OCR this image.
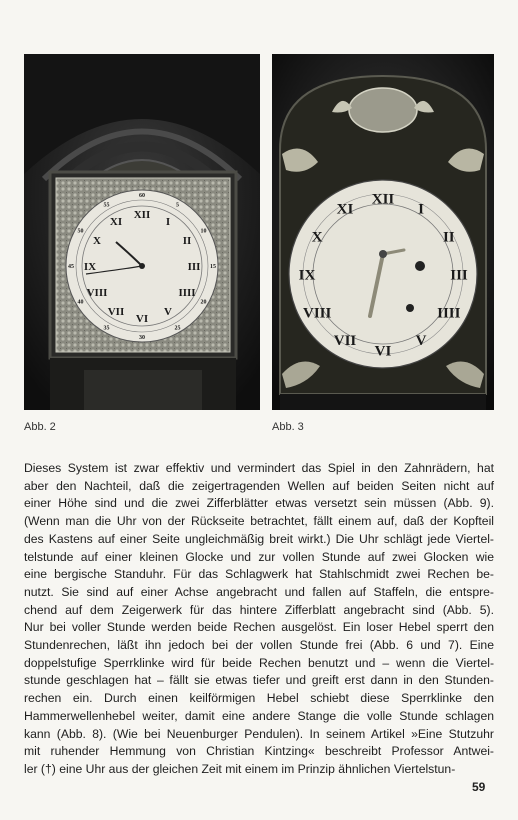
XII
I
II
III
IIII
V
VI
VII
VIII
IX
X
XI
60
5
10
15
20
25
30
35
40
45
50
55	XII
I
II
III
IIII
V
VI
VII
VIII
IX
X
XI
Abb. 2	Abb. 3
Dieses System ist zwar effektiv und vermindert das Spiel in den Zahnrädern, hat
aber den Nachteil, daß die zeigertragenden Wellen auf beiden Seiten nicht auf
einer Höhe sind und die zwei Zifferblätter etwas versetzt sein müssen (Abb. 9).
(Wenn man die Uhr von der Rückseite betrachtet, fällt einem auf, daß der Kopfteil
des Kastens auf einer Seite ungleichmäßig breit wirkt.) Die Uhr schlägt jede Viertel-
telstunde auf einer kleinen Glocke und zur vollen Stunde auf zwei Glocken wie
eine bergische Standuhr. Für das Schlagwerk hat Stahlschmidt zwei Rechen be-
nutzt. Sie sind auf einer Achse angebracht und fallen auf Staffeln, die entspre-
chend auf dem Zeigerwerk für das hintere Zifferblatt angebracht sind (Abb. 5).
Nur bei voller Stunde werden beide Rechen ausgelöst. Ein loser Hebel sperrt den
Stundenrechen, läßt ihn jedoch bei der vollen Stunde frei (Abb. 6 und 7). Eine
doppelstufige Sperrklinke wird für beide Rechen benutzt und – wenn die Viertel-
stunde geschlagen hat – fällt sie etwas tiefer und greift erst dann in den Stunden-
rechen ein. Durch einen keilförmigen Hebel schiebt diese Sperrklinke den
Hammerwellenhebel weiter, damit eine andere Stange die volle Stunde schlagen
kann (Abb. 8). (Wie bei Neuenburger Pendulen). In seinem Artikel »Eine Stutzuhr
mit ruhender Hemmung von Christian Kintzing« beschreibt Professor Antwei-
ler (†) eine Uhr aus der gleichen Zeit mit einem im Prinzip ähnlichen Viertelstun-
59
